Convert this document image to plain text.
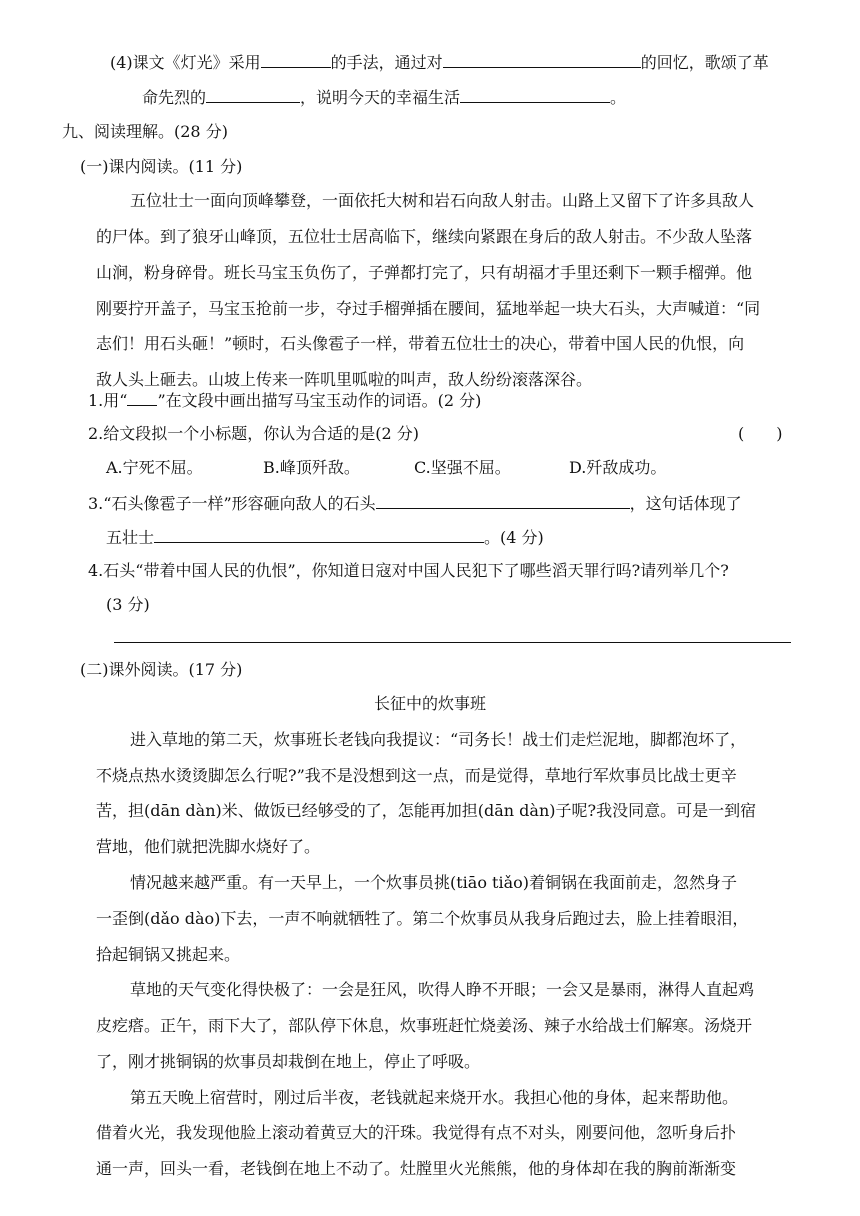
(4)课文《灯光》采用	的手法，通过对	的回忆，歌颂了革
命先烈的	，说明今天的幸福生活	。
九、阅读理解。(28 分)
(一)课内阅读。(11 分)
五位壮士一面向顶峰攀登，一面依托大树和岩石向敌人射击。山路上又留下了许多具敌人
的尸体。到了狼牙山峰顶，五位壮士居高临下，继续向紧跟在身后的敌人射击。不少敌人坠落
山涧，粉身碎骨。班长马宝玉负伤了，子弹都打完了，只有胡福才手里还剩下一颗手榴弹。他
刚要拧开盖子，马宝玉抢前一步，夺过手榴弹插在腰间，猛地举起一块大石头，大声喊道：“同
志们！用石头砸！”顿时，石头像雹子一样，带着五位壮士的决心，带着中国人民的仇恨，向
敌人头上砸去。山坡上传来一阵叽里呱啦的叫声，敌人纷纷滚落深谷。
1.用“ ”在文段中画出描写马宝玉动作的词语。(2 分)
2.给文段拟一个小标题，你认为合适的是(2 分)	(　　)
A.宁死不屈。	B.峰顶歼敌。	C.坚强不屈。	D.歼敌成功。
3.“石头像雹子一样”形容砸向敌人的石头	，这句话体现了
五壮士	。(4 分)
4.石头“带着中国人民的仇恨”，你知道日寇对中国人民犯下了哪些滔天罪行吗?请列举几个?
(3 分)
(二)课外阅读。(17 分)
长征中的炊事班
进入草地的第二天，炊事班长老钱向我提议：“司务长！战士们走烂泥地，脚都泡坏了，
不烧点热水烫烫脚怎么行呢?”我不是没想到这一点，而是觉得，草地行军炊事员比战士更辛
苦，担(dān dàn)米、做饭已经够受的了，怎能再加担(dān dàn)子呢?我没同意。可是一到宿
营地，他们就把洗脚水烧好了。
情况越来越严重。有一天早上，一个炊事员挑(tiāo tiǎo)着铜锅在我面前走，忽然身子
一歪倒(dǎo dào)下去，一声不响就牺牲了。第二个炊事员从我身后跑过去，脸上挂着眼泪，
拾起铜锅又挑起来。
草地的天气变化得快极了：一会是狂风，吹得人睁不开眼；一会又是暴雨，淋得人直起鸡
皮疙瘩。正午，雨下大了，部队停下休息，炊事班赶忙烧姜汤、辣子水给战士们解寒。汤烧开
了，刚才挑铜锅的炊事员却栽倒在地上，停止了呼吸。
第五天晚上宿营时，刚过后半夜，老钱就起来烧开水。我担心他的身体，起来帮助他。
借着火光，我发现他脸上滚动着黄豆大的汗珠。我觉得有点不对头，刚要问他，忽听身后扑
通一声，回头一看，老钱倒在地上不动了。灶膛里火光熊熊，他的身体却在我的胸前渐渐变
